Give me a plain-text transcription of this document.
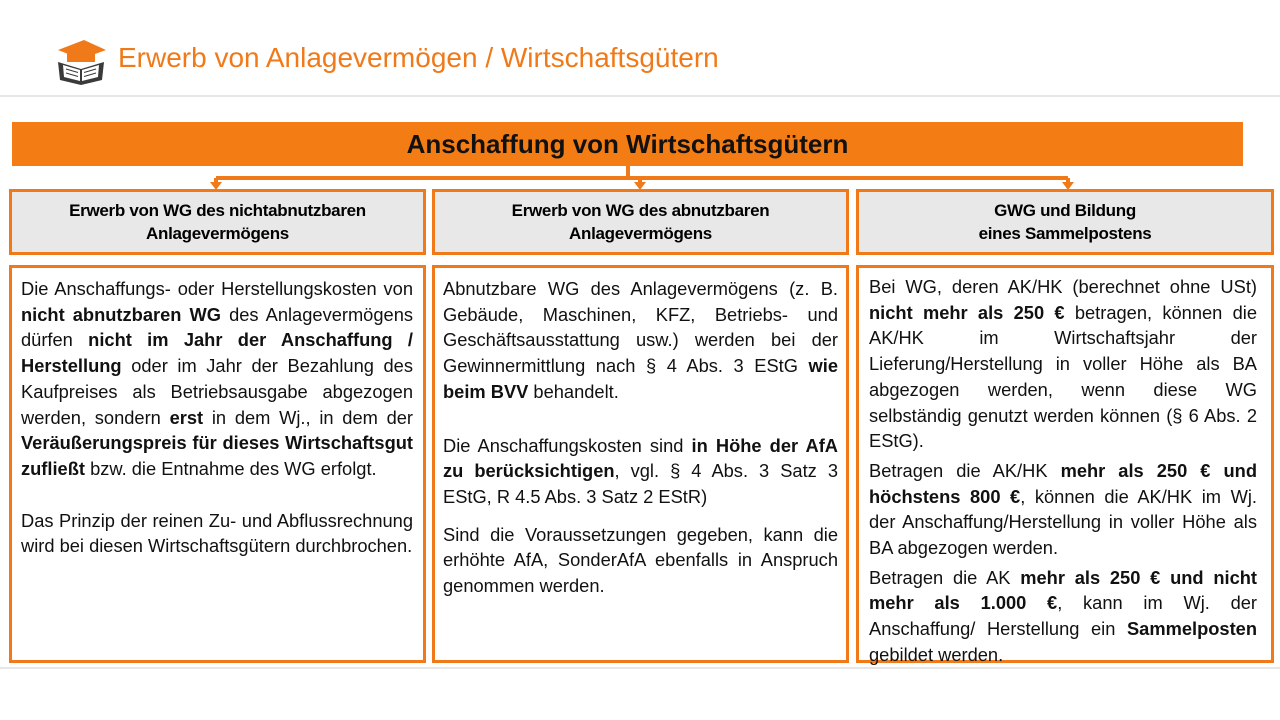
Erwerb von Anlagevermögen / Wirtschaftsgütern
Anschaffung von Wirtschaftsgütern
Erwerb von WG des nichtabnutzbaren
Anlagevermögens

Die Anschaffungs- oder Herstellungskosten von nicht abnutzbaren WG des Anlagevermögens dürfen nicht im Jahr der Anschaffung / Herstellung oder im Jahr der Bezahlung des Kaufpreises als Betriebsausgabe abgezogen werden, sondern erst in dem Wj., in dem der Veräußerungspreis für dieses Wirtschaftsgut zufließt bzw. die Entnahme des WG erfolgt.

Das Prinzip der reinen Zu- und Abflussrechnung wird bei diesen Wirtschaftsgütern durchbrochen.

Erwerb von WG des abnutzbaren
Anlagevermögens

Abnutzbare WG des Anlagevermögens (z. B. Gebäude, Maschinen, KFZ, Betriebs- und Geschäftsausstattung usw.) werden bei der Gewinnermittlung nach § 4 Abs. 3 EStG wie beim BVV behandelt.

Die Anschaffungskosten sind in Höhe der AfA zu berücksichtigen, vgl. § 4 Abs. 3 Satz 3 EStG, R 4.5 Abs. 3 Satz 2 EStR)

Sind die Voraussetzungen gegeben, kann die erhöhte AfA, SonderAfA ebenfalls in Anspruch genommen werden.

GWG und Bildung
eines Sammelpostens

Bei WG, deren AK/HK (berechnet ohne USt) nicht mehr als 250 € betragen, können die AK/HK im Wirtschaftsjahr der Lieferung/Herstellung in voller Höhe als BA abgezogen werden, wenn diese WG selbständig genutzt werden können (§ 6 Abs. 2 EStG).

Betragen die AK/HK mehr als 250 € und höchstens 800 €, können die AK/HK im Wj. der Anschaffung/Herstellung in voller Höhe als BA abgezogen werden.

Betragen die AK mehr als 250 € und nicht mehr als 1.000 €, kann im Wj. der Anschaffung/ Herstellung ein Sammelposten gebildet werden.
